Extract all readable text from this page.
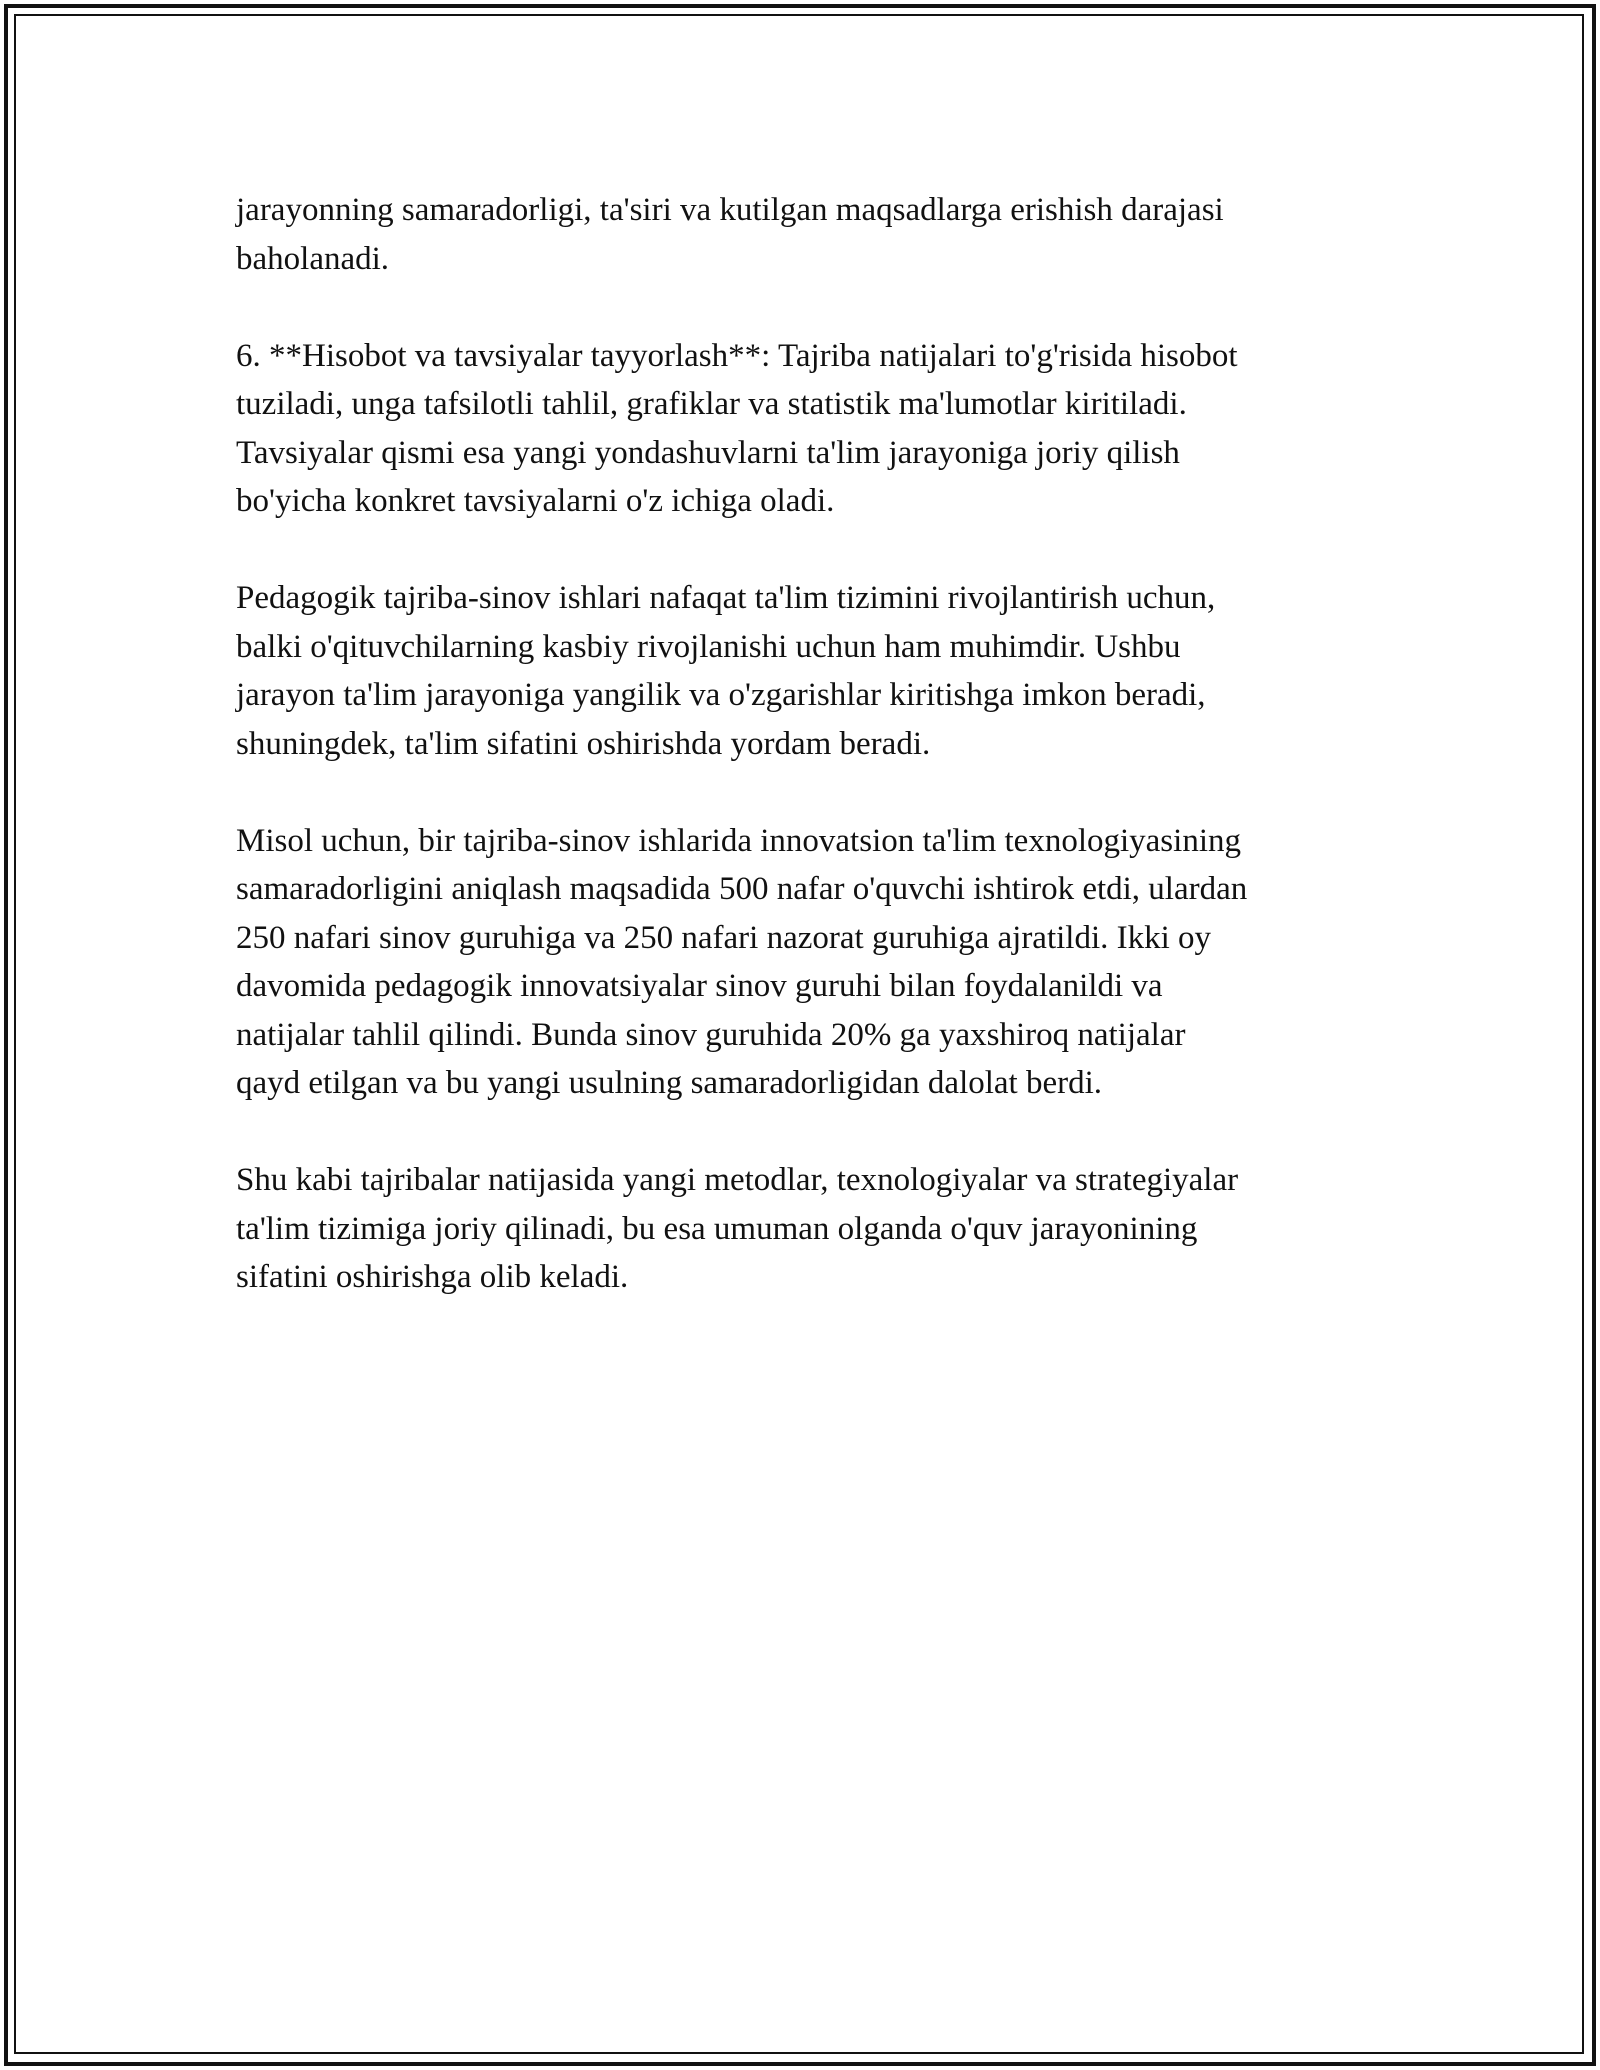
jarayonning samaradorligi, ta'siri va kutilgan maqsadlarga erishish darajasi
baholanadi.

6. **Hisobot va tavsiyalar tayyorlash**: Tajriba natijalari to'g'risida hisobot
tuziladi, unga tafsilotli tahlil, grafiklar va statistik ma'lumotlar kiritiladi.
Tavsiyalar qismi esa yangi yondashuvlarni ta'lim jarayoniga joriy qilish
bo'yicha konkret tavsiyalarni o'z ichiga oladi.

Pedagogik tajriba-sinov ishlari nafaqat ta'lim tizimini rivojlantirish uchun,
balki o'qituvchilarning kasbiy rivojlanishi uchun ham muhimdir. Ushbu
jarayon ta'lim jarayoniga yangilik va o'zgarishlar kiritishga imkon beradi,
shuningdek, ta'lim sifatini oshirishda yordam beradi.

Misol uchun, bir tajriba-sinov ishlarida innovatsion ta'lim texnologiyasining
samaradorligini aniqlash maqsadida 500 nafar o'quvchi ishtirok etdi, ulardan
250 nafari sinov guruhiga va 250 nafari nazorat guruhiga ajratildi. Ikki oy
davomida pedagogik innovatsiyalar sinov guruhi bilan foydalanildi va
natijalar tahlil qilindi. Bunda sinov guruhida 20% ga yaxshiroq natijalar
qayd etilgan va bu yangi usulning samaradorligidan dalolat berdi.

Shu kabi tajribalar natijasida yangi metodlar, texnologiyalar va strategiyalar
ta'lim tizimiga joriy qilinadi, bu esa umuman olganda o'quv jarayonining
sifatini oshirishga olib keladi.
